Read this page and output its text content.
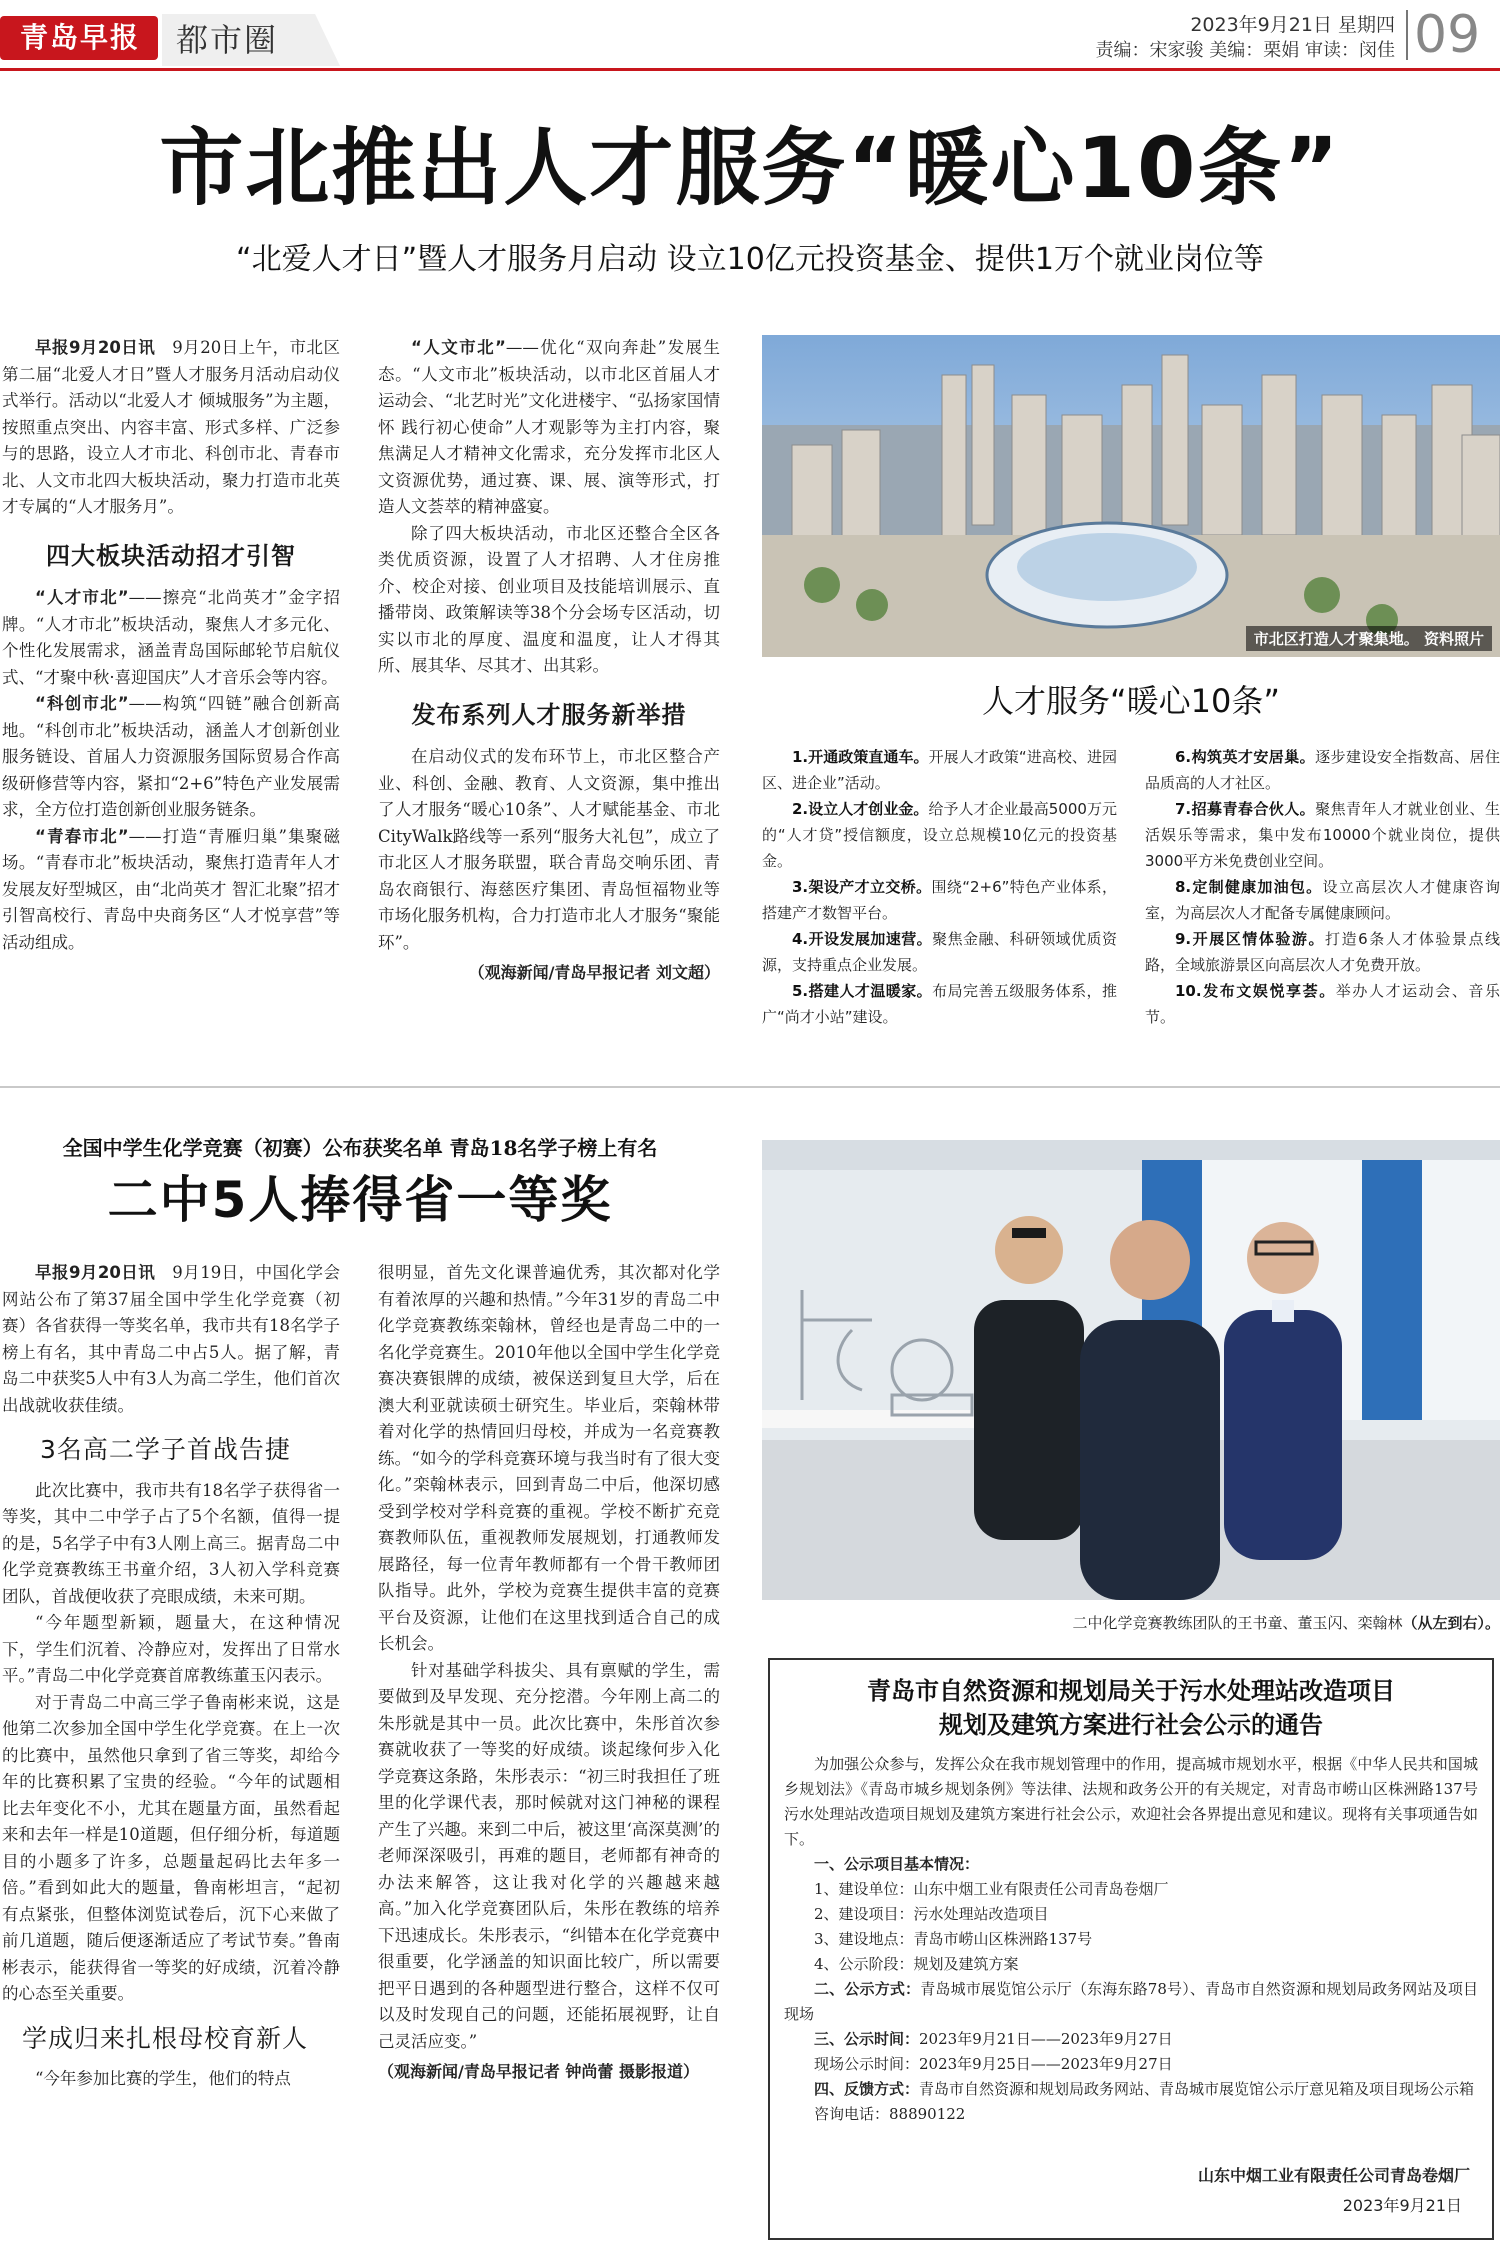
青岛早报	都市圈	2023年9月21日 星期四
责编：宋家骏 美编：栗娟 审读：闵佳 09
市北推出人才服务“暖心10条”
“北爱人才日”暨人才服务月启动 设立10亿元投资基金、提供1万个就业岗位等

早报9月20日讯　 9月20日上午，市北区第二届“北爱人才日”暨人才服务月活动启动仪式举行。活动以“北爱人才 倾城服务”为主题，按照重点突出、内容丰富、形式多样、广泛参与的思路，设立人才市北、科创市北、青春市北、人文市北四大板块活动，聚力打造市北英才专属的“人才服务月”。

四大板块活动招才引智

“人才市北”——擦亮“北尚英才”金字招牌。“人才市北”板块活动，聚焦人才多元化、个性化发展需求，涵盖青岛国际邮轮节启航仪式、“才聚中秋·喜迎国庆”人才音乐会等内容。

“科创市北”——构筑“四链”融合创新高地。“科创市北”板块活动，涵盖人才创新创业服务链设、首届人力资源服务国际贸易合作高级研修营等内容，紧扣“2+6”特色产业发展需求，全方位打造创新创业服务链条。

“青春市北”——打造“青雁归巢”集聚磁场。“青春市北”板块活动，聚焦打造青年人才发展友好型城区，由“北尚英才 智汇北聚”招才引智高校行、青岛中央商务区“人才悦享营”等活动组成。

“人文市北”——优化“双向奔赴”发展生态。“人文市北”板块活动，以市北区首届人才运动会、“北艺时光”文化进楼宇、“弘扬家国情怀 践行初心使命”人才观影等为主打内容，聚焦满足人才精神文化需求，充分发挥市北区人文资源优势，通过赛、课、展、演等形式，打造人文荟萃的精神盛宴。

除了四大板块活动，市北区还整合全区各类优质资源，设置了人才招聘、人才住房推介、校企对接、创业项目及技能培训展示、直播带岗、政策解读等38个分会场专区活动，切实以市北的厚度、温度和温度，让人才得其所、展其华、尽其才、出其彩。

发布系列人才服务新举措

在启动仪式的发布环节上，市北区整合产业、科创、金融、教育、人文资源，集中推出了人才服务“暖心10条”、人才赋能基金、市北CityWalk路线等一系列“服务大礼包”，成立了市北区人才服务联盟，联合青岛交响乐团、青岛农商银行、海慈医疗集团、青岛恒福物业等市场化服务机构，合力打造市北人才服务“聚能环”。

（观海新闻/青岛早报记者 刘文超）
市北区打造人才聚集地。 资料照片
人才服务“暖心10条”
1.开通政策直通车。开展人才政策“进高校、进园区、进企业”活动。
2.设立人才创业金。给予人才企业最高5000万元的“人才贷”授信额度，设立总规模10亿元的投资基金。
3.架设产才立交桥。围绕“2+6”特色产业体系，搭建产才数智平台。
4.开设发展加速营。聚焦金融、科研领域优质资源，支持重点企业发展。
5.搭建人才温暖家。布局完善五级服务体系，推广“尚才小站”建设。
6.构筑英才安居巢。逐步建设安全指数高、居住品质高的人才社区。
7.招募青春合伙人。聚焦青年人才就业创业、生活娱乐等需求，集中发布10000个就业岗位，提供3000平方米免费创业空间。
8.定制健康加油包。设立高层次人才健康咨询室，为高层次人才配备专属健康顾问。
9.开展区情体验游。打造6条人才体验景点线路，全域旅游景区向高层次人才免费开放。
10.发布文娱悦享荟。举办人才运动会、音乐节。
全国中学生化学竞赛（初赛）公布获奖名单 青岛18名学子榜上有名
二中5人捧得省一等奖

早报9月20日讯　 9月19日，中国化学会网站公布了第37届全国中学生化学竞赛（初赛）各省获得一等奖名单，我市共有18名学子榜上有名，其中青岛二中占5人。据了解，青岛二中获奖5人中有3人为高二学生，他们首次出战就收获佳绩。

3名高二学子首战告捷

此次比赛中，我市共有18名学子获得省一等奖，其中二中学子占了5个名额，值得一提的是，5名学子中有3人刚上高三。据青岛二中化学竞赛教练王书童介绍，3人初入学科竞赛团队，首战便收获了亮眼成绩，未来可期。

“今年题型新颖，题量大，在这种情况下，学生们沉着、冷静应对，发挥出了日常水平。”青岛二中化学竞赛首席教练董玉闪表示。

对于青岛二中高三学子鲁南彬来说，这是他第二次参加全国中学生化学竞赛。在上一次的比赛中，虽然他只拿到了省三等奖，却给今年的比赛积累了宝贵的经验。“今年的试题相比去年变化不小，尤其在题量方面，虽然看起来和去年一样是10道题，但仔细分析，每道题目的小题多了许多，总题量起码比去年多一倍。”看到如此大的题量，鲁南彬坦言，“起初有点紧张，但整体浏览试卷后，沉下心来做了前几道题，随后便逐渐适应了考试节奏。”鲁南彬表示，能获得省一等奖的好成绩，沉着冷静的心态至关重要。

学成归来扎根母校育新人

“今年参加比赛的学生，他们的特点

很明显，首先文化课普遍优秀，其次都对化学有着浓厚的兴趣和热情。”今年31岁的青岛二中化学竞赛教练栾翰林，曾经也是青岛二中的一名化学竞赛生。2010年他以全国中学生化学竞赛决赛银牌的成绩，被保送到复旦大学，后在澳大利亚就读硕士研究生。毕业后，栾翰林带着对化学的热情回归母校，并成为一名竞赛教练。“如今的学科竞赛环境与我当时有了很大变化。”栾翰林表示，回到青岛二中后，他深切感受到学校对学科竞赛的重视。学校不断扩充竞赛教师队伍，重视教师发展规划，打通教师发展路径，每一位青年教师都有一个骨干教师团队指导。此外，学校为竞赛生提供丰富的竞赛平台及资源，让他们在这里找到适合自己的成长机会。

针对基础学科拔尖、具有禀赋的学生，需要做到及早发现、充分挖潜。今年刚上高二的朱彤就是其中一员。此次比赛中，朱彤首次参赛就收获了一等奖的好成绩。谈起缘何步入化学竞赛这条路，朱彤表示：“初三时我担任了班里的化学课代表，那时候就对这门神秘的课程产生了兴趣。来到二中后，被这里‘高深莫测’的老师深深吸引，再难的题目，老师都有神奇的办法来解答，这让我对化学的兴趣越来越高。”加入化学竞赛团队后，朱彤在教练的培养下迅速成长。朱彤表示，“纠错本在化学竞赛中很重要，化学涵盖的知识面比较广，所以需要把平日遇到的各种题型进行整合，这样不仅可以及时发现自己的问题，还能拓展视野，让自己灵活应变。”

（观海新闻/青岛早报记者 钟尚蕾 摄影报道）
二中化学竞赛教练团队的王书童、董玉闪、栾翰林（从左到右）。
青岛市自然资源和规划局关于污水处理站改造项目
规划及建筑方案进行社会公示的通告

为加强公众参与，发挥公众在我市规划管理中的作用，提高城市规划水平，根据《中华人民共和国城乡规划法》《青岛市城乡规划条例》等法律、法规和政务公开的有关规定，对青岛市崂山区株洲路137号污水处理站改造项目规划及建筑方案进行社会公示，欢迎社会各界提出意见和建议。现将有关事项通告如下。

一、公示项目基本情况：

1、建设单位：山东中烟工业有限责任公司青岛卷烟厂

2、建设项目：污水处理站改造项目

3、建设地点：青岛市崂山区株洲路137号

4、公示阶段：规划及建筑方案

二、公示方式：青岛城市展览馆公示厅（东海东路78号）、青岛市自然资源和规划局政务网站及项目现场

三、公示时间：2023年9月21日——2023年9月27日

现场公示时间：2023年9月25日——2023年9月27日

四、反馈方式：青岛市自然资源和规划局政务网站、青岛城市展览馆公示厅意见箱及项目现场公示箱

咨询电话：88890122

山东中烟工业有限责任公司青岛卷烟厂
2023年9月21日
